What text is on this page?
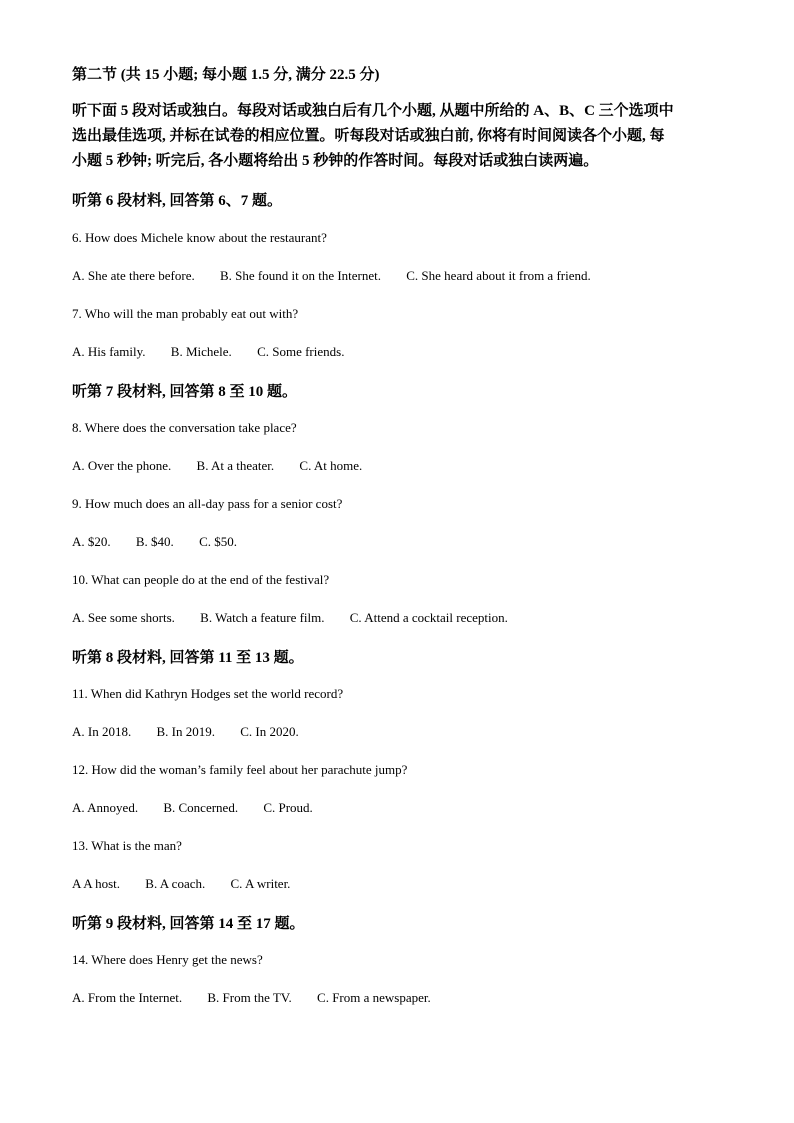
第二节 (共 15 小题; 每小题 1.5 分, 满分 22.5 分)

听下面 5 段对话或独白。每段对话或独白后有几个小题, 从题中所给的 A、B、C 三个选项中

选出最佳选项, 并标在试卷的相应位置。听每段对话或独白前, 你将有时间阅读各个小题, 每

小题 5 秒钟; 听完后, 各小题将给出 5 秒钟的作答时间。每段对话或独白读两遍。

听第 6 段材料, 回答第 6、7 题。
6. How does Michele know about the restaurant?
A. She ate there before. B. She found it on the Internet. C. She heard about it from a friend.
7. Who will the man probably eat out with?
A. His family. B. Michele. C. Some friends.
听第 7 段材料, 回答第 8 至 10 题。
8. Where does the conversation take place?
A. Over the phone. B. At a theater. C. At home.
9. How much does an all-day pass for a senior cost?
A. $20. B. $40. C. $50.
10. What can people do at the end of the festival?
A. See some shorts. B. Watch a feature film. C. Attend a cocktail reception.
听第 8 段材料, 回答第 11 至 13 题。
11. When did Kathryn Hodges set the world record?
A. In 2018. B. In 2019. C. In 2020.
12. How did the woman’s family feel about her parachute jump?
A. Annoyed. B. Concerned. C. Proud.
13. What is the man?
A A host. B. A coach. C. A writer.
听第 9 段材料, 回答第 14 至 17 题。
14. Where does Henry get the news?
A. From the Internet. B. From the TV. C. From a newspaper.
